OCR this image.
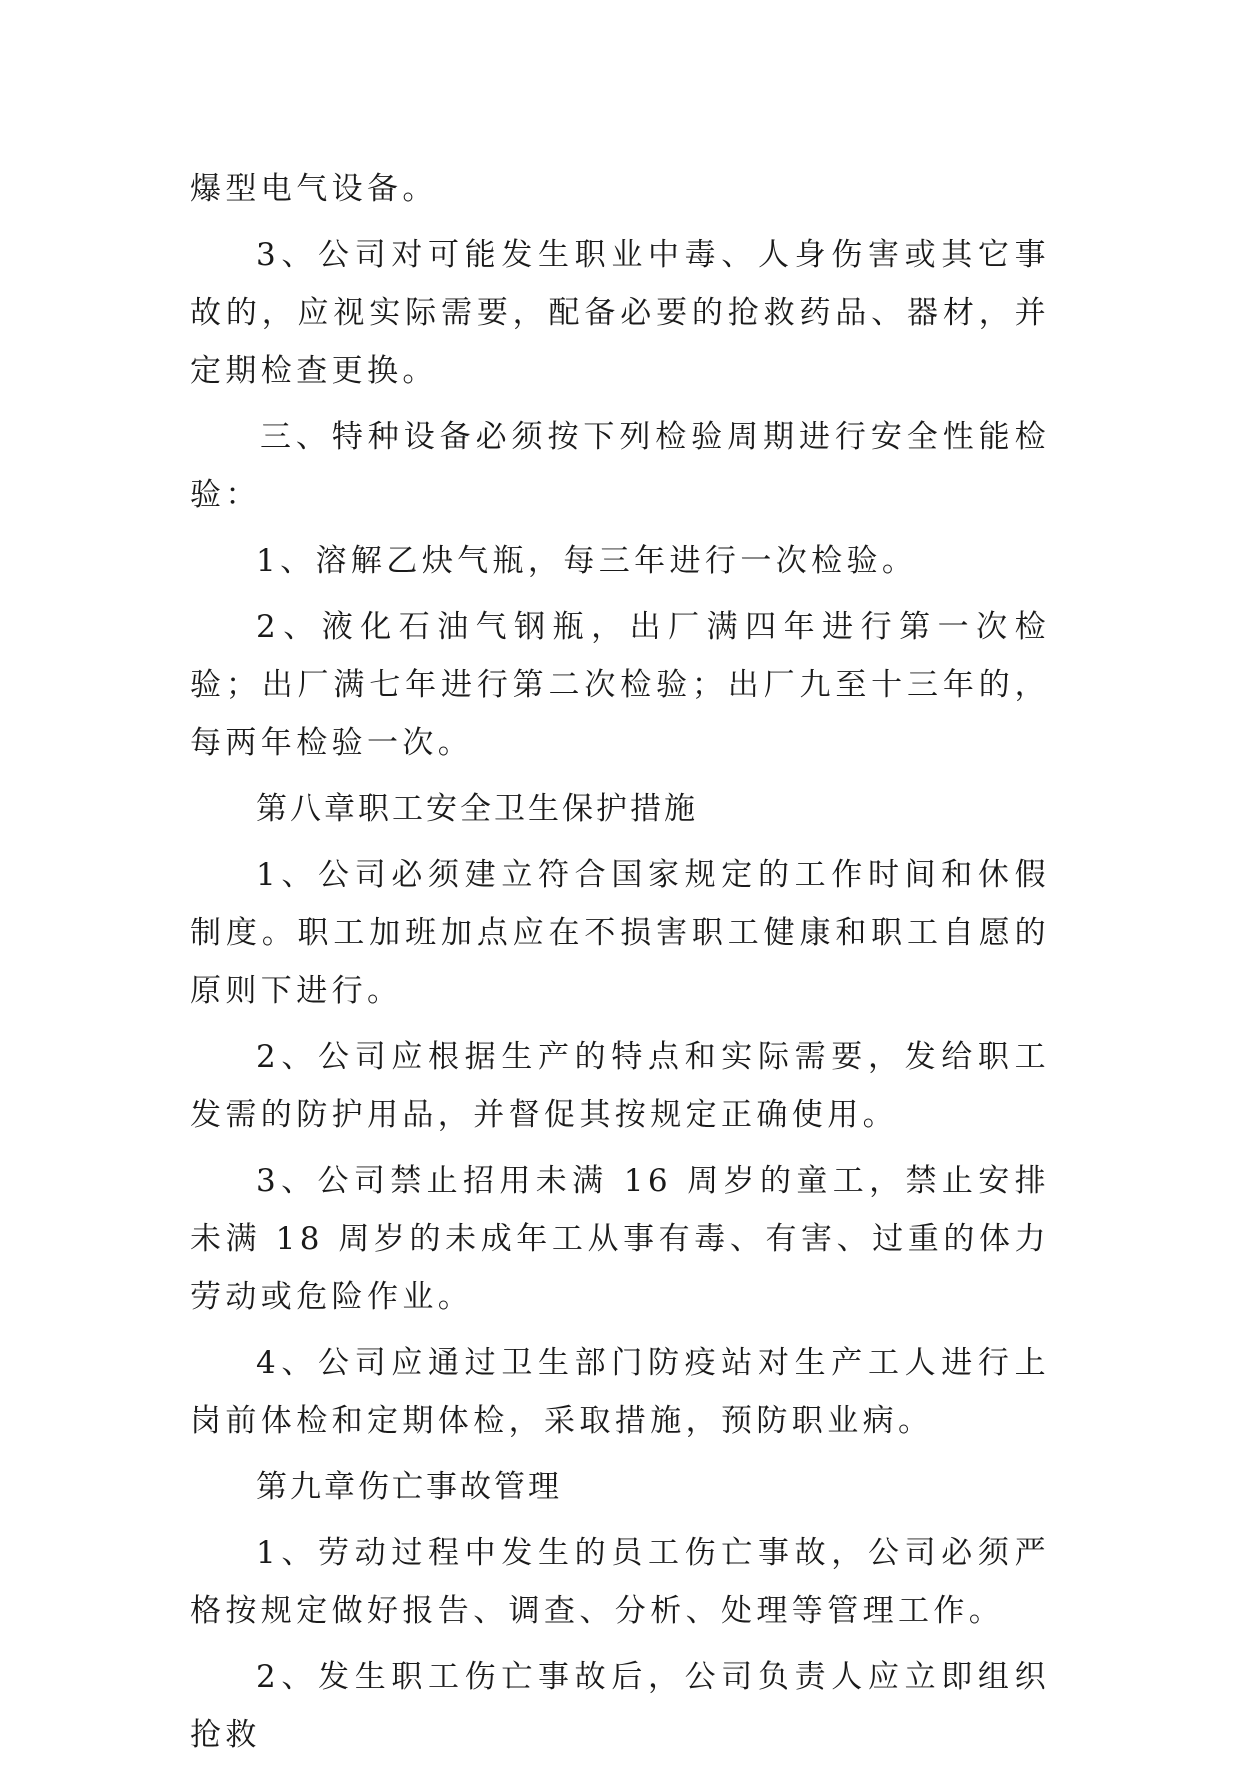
爆型电气设备。

3、公司对可能发生职业中毒、人身伤害或其它事故的，应视实际需要，配备必要的抢救药品、器材，并定期检查更换。

三、特种设备必须按下列检验周期进行安全性能检验：

1、溶解乙炔气瓶，每三年进行一次检验。

2、液化石油气钢瓶，出厂满四年进行第一次检验；出厂满七年进行第二次检验；出厂九至十三年的，每两年检验一次。

第八章职工安全卫生保护措施

1、公司必须建立符合国家规定的工作时间和休假制度。职工加班加点应在不损害职工健康和职工自愿的原则下进行。

2、公司应根据生产的特点和实际需要，发给职工发需的防护用品，并督促其按规定正确使用。

3、公司禁止招用未满 16 周岁的童工，禁止安排未满 18 周岁的未成年工从事有毒、有害、过重的体力劳动或危险作业。

4、公司应通过卫生部门防疫站对生产工人进行上岗前体检和定期体检，采取措施，预防职业病。

第九章伤亡事故管理

1、劳动过程中发生的员工伤亡事故，公司必须严格按规定做好报告、调查、分析、处理等管理工作。

2、发生职工伤亡事故后，公司负责人应立即组织抢救
